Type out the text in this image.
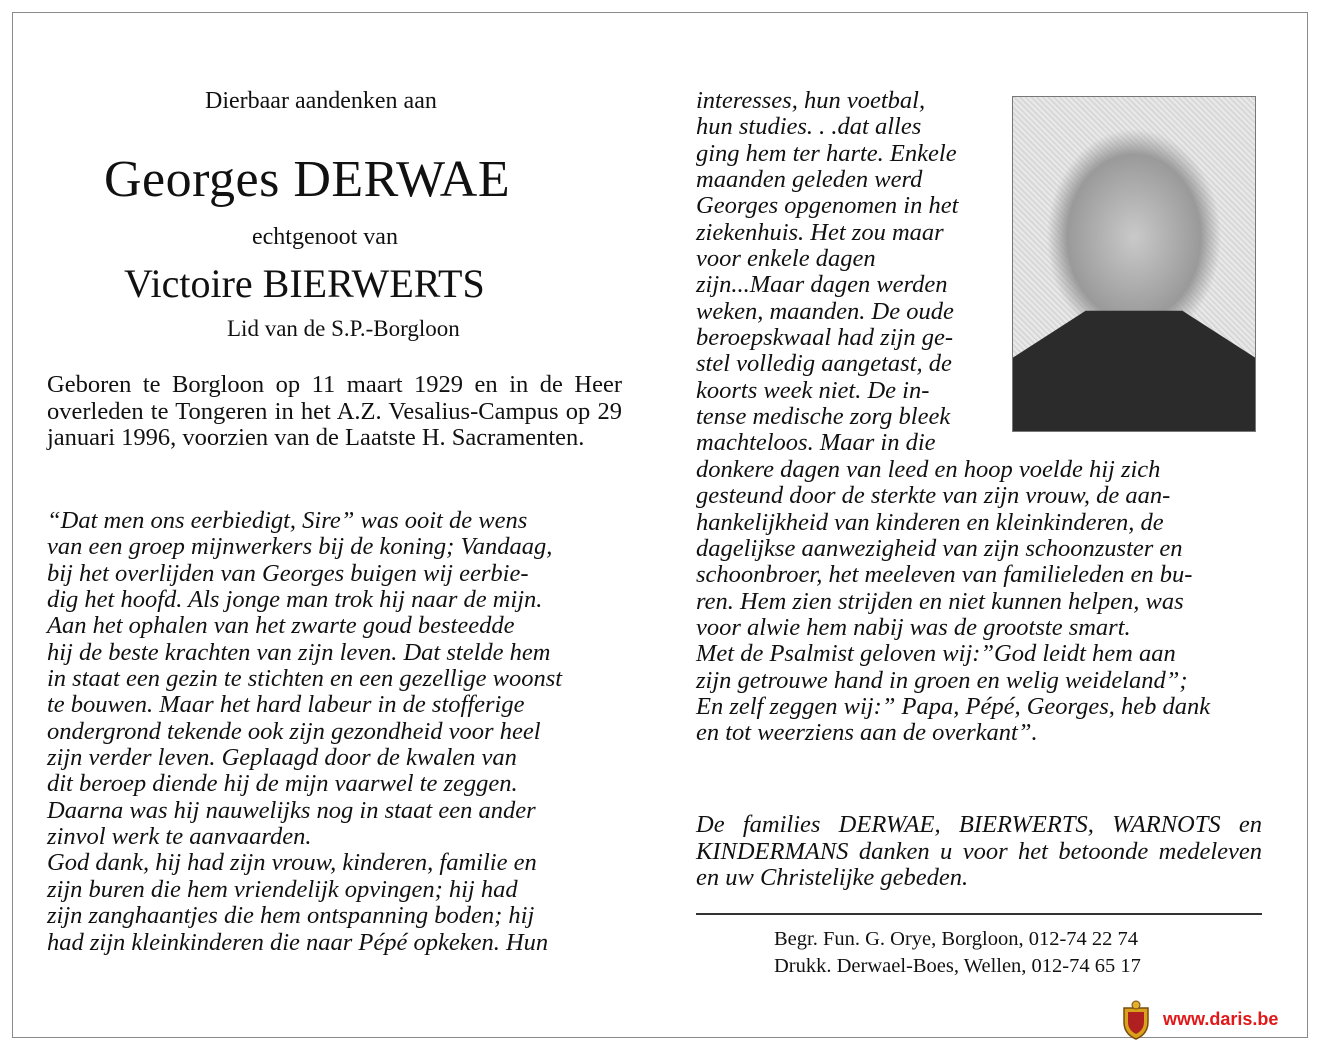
Dierbaar aandenken aan
Georges DERWAE
echtgenoot van
Victoire BIERWERTS
Lid van de S.P.-Borgloon
Geboren te Borgloon op 11 maart 1929 en in de Heer overleden te Tongeren in het A.Z. Vesalius-Campus op 29 januari 1996, voorzien van de Laatste H. Sacramenten.
“Dat men ons eerbiedigt, Sire” was ooit de wens
van een groep mijnwerkers bij de koning; Vandaag,
bij het overlijden van Georges buigen wij eerbie-
dig het hoofd. Als jonge man trok hij naar de mijn.
Aan het ophalen van het zwarte goud besteedde
hij de beste krachten van zijn leven. Dat stelde hem
in staat een gezin te stichten en een gezellige woonst
te bouwen. Maar het hard labeur in de stofferige
ondergrond tekende ook zijn gezondheid voor heel
zijn verder leven. Geplaagd door de kwalen van
dit beroep diende hij de mijn vaarwel te zeggen.
Daarna was hij nauwelijks nog in staat een ander
zinvol werk te aanvaarden.
God dank, hij had zijn vrouw, kinderen, familie en
zijn buren die hem vriendelijk opvingen; hij had
zijn zanghaantjes die hem ontspanning boden; hij
had zijn kleinkinderen die naar Pépé opkeken. Hun
interesses, hun voetbal,
hun studies. . .dat alles
ging hem ter harte. Enkele
maanden geleden werd
Georges opgenomen in het
ziekenhuis. Het zou maar
voor enkele dagen
zijn...Maar dagen werden
weken, maanden. De oude
beroepskwaal had zijn ge-
stel volledig aangetast, de
koorts week niet. De in-
tense medische zorg bleek
machteloos. Maar in die
donkere dagen van leed en hoop voelde hij zich
gesteund door de sterkte van zijn vrouw, de aan-
hankelijkheid van kinderen en kleinkinderen, de
dagelijkse aanwezigheid van zijn schoonzuster en
schoonbroer, het meeleven van familieleden en bu-
ren. Hem zien strijden en niet kunnen helpen, was
voor alwie hem nabij was de grootste smart.
Met de Psalmist geloven wij:”God leidt hem aan
zijn getrouwe hand in groen en welig weideland”;
En zelf zeggen wij:” Papa, Pépé, Georges, heb dank
en tot weerziens aan de overkant”.
De families DERWAE, BIERWERTS, WARNOTS en KINDERMANS danken u voor het betoonde medeleven en uw Christelijke gebeden.
Begr. Fun. G. Orye, Borgloon, 012-74 22 74
Drukk. Derwael-Boes, Wellen, 012-74 65 17
www.daris.be
